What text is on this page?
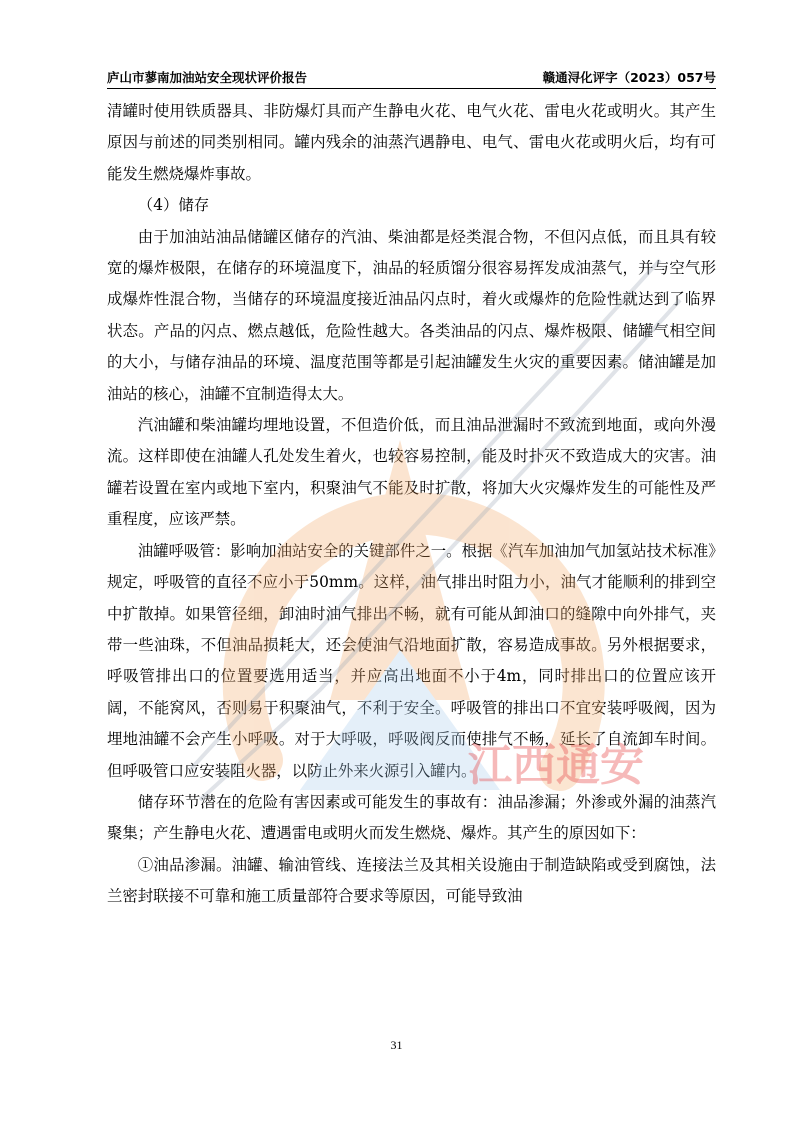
庐山市蓼南加油站安全现状评价报告	赣通浔化评字（2023）057号

清罐时使用铁质器具、非防爆灯具而产生静电火花、电气火花、雷电火花或明火。其产生原因与前述的同类别相同。罐内残余的油蒸汽遇静电、电气、雷电火花或明火后，均有可能发生燃烧爆炸事故。

（4）储存

由于加油站油品储罐区储存的汽油、柴油都是烃类混合物，不但闪点低，而且具有较宽的爆炸极限，在储存的环境温度下，油品的轻质馏分很容易挥发成油蒸气，并与空气形成爆炸性混合物，当储存的环境温度接近油品闪点时，着火或爆炸的危险性就达到了临界状态。产品的闪点、燃点越低，危险性越大。各类油品的闪点、爆炸极限、储罐气相空间的大小，与储存油品的环境、温度范围等都是引起油罐发生火灾的重要因素。储油罐是加油站的核心，油罐不宜制造得太大。

汽油罐和柴油罐均埋地设置，不但造价低，而且油品泄漏时不致流到地面，或向外漫流。这样即使在油罐人孔处发生着火，也较容易控制，能及时扑灭不致造成大的灾害。油罐若设置在室内或地下室内，积聚油气不能及时扩散，将加大火灾爆炸发生的可能性及严重程度，应该严禁。

油罐呼吸管：影响加油站安全的关键部件之一。根据《汽车加油加气加氢站技术标准》规定，呼吸管的直径不应小于50mm。这样，油气排出时阻力小，油气才能顺利的排到空中扩散掉。如果管径细，卸油时油气排出不畅，就有可能从卸油口的缝隙中向外排气，夹带一些油珠，不但油品损耗大，还会使油气沿地面扩散，容易造成事故。另外根据要求，呼吸管排出口的位置要选用适当，并应高出地面不小于4m，同时排出口的位置应该开阔，不能窝风，否则易于积聚油气，不利于安全。呼吸管的排出口不宜安装呼吸阀，因为埋地油罐不会产生小呼吸。对于大呼吸，呼吸阀反而使排气不畅，延长了自流卸车时间。但呼吸管口应安装阻火器，以防止外来火源引入罐内。

储存环节潜在的危险有害因素或可能发生的事故有：油品渗漏；外渗或外漏的油蒸汽聚集；产生静电火花、遭遇雷电或明火而发生燃烧、爆炸。其产生的原因如下：

①油品渗漏。油罐、输油管线、连接法兰及其相关设施由于制造缺陷或受到腐蚀，法兰密封联接不可靠和施工质量部符合要求等原因，可能导致油

江西通安
31
